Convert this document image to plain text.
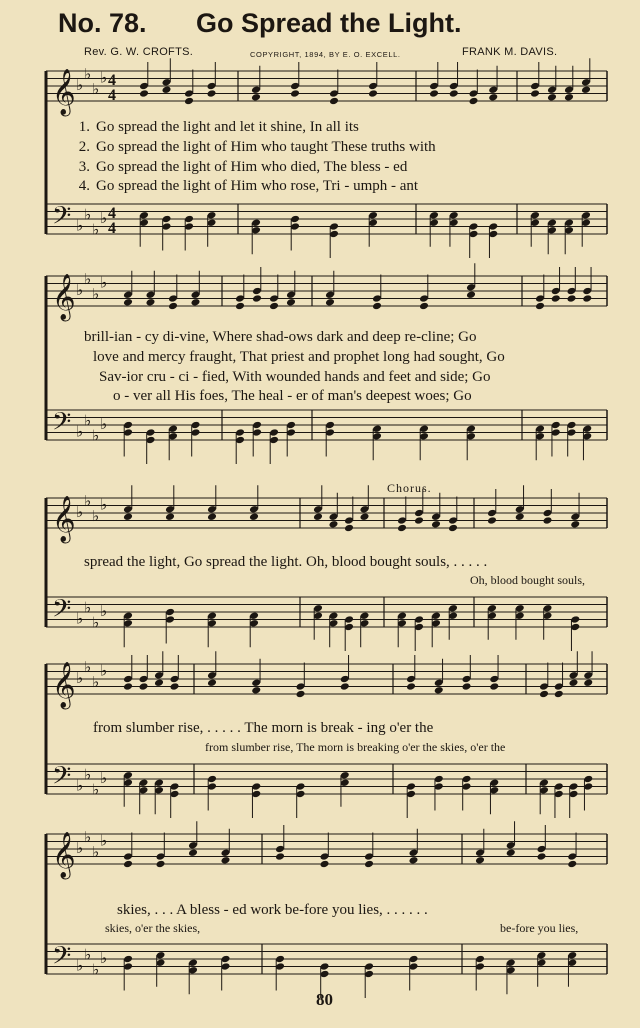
No. 78. Go Spread the Light.
Rev. G. W. CROFTS.	COPYRIGHT, 1894, BY E. O. EXCELL.	FRANK M. DAVIS.
𝄞 ♭
♭
♭
♭ 4
4
𝄢 ♭
♭
♭
♭ 4
4
𝄞 ♭
♭
♭
♭
𝄢 ♭
♭
♭
♭
𝄞 ♭
♭
♭
♭
𝄢 ♭
♭
♭
♭
𝄞 ♭
♭
♭
♭
𝄢 ♭
♭
♭
♭
𝄞 ♭
♭
♭
♭
𝄢 ♭
♭
♭
♭
1. Go spread the light and let it shine, In all its
2. Go spread the light of Him who taught These truths with
3. Go spread the light of Him who died, The bless - ed
4. Go spread the light of Him who rose, Tri - umph - ant
brill-ian - cy di-vine, Where shad-ows dark and deep re-cline; Go
love and mercy fraught, That priest and prophet long had sought, Go
Sav-ior cru - ci - fied, With wounded hands and feet and side; Go
o - ver all His foes, The heal - er of man's deepest woes; Go
Chorus.
spread the light, Go spread the light. Oh, blood bought souls, . . . . .
Oh, blood bought souls,
from slumber rise, . . . . . The morn is break - ing o'er the
from slumber rise, The morn is breaking o'er the skies, o'er the
skies, . . . A bless - ed work be-fore you lies, . . . . . .
skies, o'er the skies,	be-fore you lies,
80
